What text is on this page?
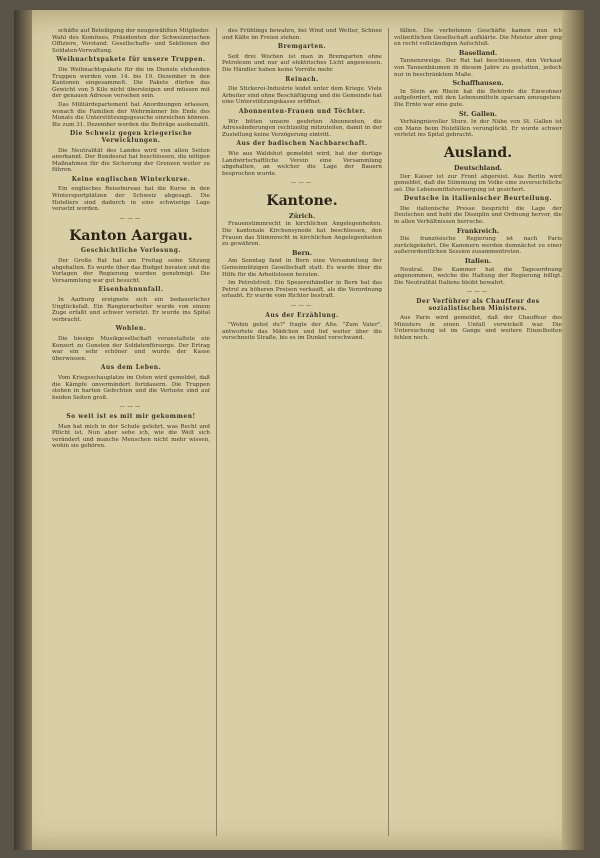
schäfte auf Beteiligung der neugewählten Mitglieder. Wahl des Komitees, Präsidenten der Schweizerischen Offiziere, Vorstand. Gesellschafts- und Sektionen der Soldaten-Verwaltung.

Weihnachtspakete für unsere Truppen.

Die Weihnachtspakete für die im Dienste stehenden Truppen werden vom 14. bis 19. Dezember in den Kantonen eingesammelt. Die Pakete dürfen das Gewicht von 5 Kilo nicht übersteigen und müssen mit der genauen Adresse versehen sein.

Das Militärdepartement hat Anordnungen erlassen, wonach die Familien der Wehrmänner bis Ende des Monats die Unterstützungsgesuche einreichen können. Bis zum 31. Dezember werden die Beiträge ausbezahlt.

Die Schweiz gegen kriegerische Verwicklungen.

Die Neutralität des Landes wird von allen Seiten anerkannt. Der Bundesrat hat beschlossen, die nötigen Maßnahmen für die Sicherung der Grenzen weiter zu führen.

Keine englischen Winterkurse.

Ein englisches Reisebureau hat die Kurse in den Wintersportplätzen der Schweiz abgesagt. Die Hoteliers sind dadurch in eine schwierige Lage versetzt worden.

———
Kanton Aargau.
Geschichtliche Vorlesung.

Der Große Rat hat am Freitag seine Sitzung abgehalten. Es wurde über das Budget beraten und die Vorlagen der Regierung wurden genehmigt. Die Versammlung war gut besucht.

Eisenbahnunfall.

In Aarburg ereignete sich ein bedauerlicher Unglücksfall. Ein Rangierarbeiter wurde von einem Zuge erfaßt und schwer verletzt. Er wurde ins Spital verbracht.

Wohlen.

Die hiesige Musikgesellschaft veranstaltete ein Konzert zu Gunsten der Soldatenfürsorge. Der Ertrag war ein sehr schöner und wurde der Kasse überwiesen.

Aus dem Leben.

Vom Kriegsschauplatze im Osten wird gemeldet, daß die Kämpfe unvermindert fortdauern. Die Truppen stehen in harten Gefechten und die Verluste sind auf beiden Seiten groß.

———
So weit ist es mit mir gekommen!

Man hat mich in der Schule gelehrt, was Recht und Pflicht ist. Nun aber sehe ich, wie die Welt sich verändert und manche Menschen nicht mehr wissen, wohin sie gehören.

des Frühlings bewahre, bei Wind und Wetter, Schnee und Kälte im Freien stehen.

Bremgarten.

Seit drei Wochen ist man in Bremgarten ohne Petroleum und nur auf elektrisches Licht angewiesen. Die Händler haben keine Vorräte mehr.

Reinach.

Die Stickerei-Industrie leidet unter dem Kriege. Viele Arbeiter sind ohne Beschäftigung und die Gemeinde hat eine Unterstützungskasse eröffnet.

Abonnenten-Frauen und Töchter.

Wir bitten unsere geehrten Abonnenten, die Adressänderungen rechtzeitig mitzuteilen, damit in der Zustellung keine Verzögerung eintritt.

Aus der badischen Nachbarschaft.

Wie aus Waldshut gemeldet wird, hat der dortige Landwirtschaftliche Verein eine Versammlung abgehalten, an welcher die Lage der Bauern besprochen wurde.

———
Kantone.
Zürich.

Frauenstimmrecht in kirchlichen Angelegenheiten. Die kantonale Kirchensynode hat beschlossen, den Frauen das Stimmrecht in kirchlichen Angelegenheiten zu gewähren.

Bern.

Am Sonntag fand in Bern eine Versammlung der Gemeinnützigen Gesellschaft statt. Es wurde über die Hilfe für die Arbeitslosen beraten.

Im Petrolstreit. Ein Spezereihändler in Bern hat das Petrol zu höheren Preisen verkauft, als die Verordnung erlaubt. Er wurde vom Richter bestraft.

———
Aus der Erzählung.

"Wohin gehst du?" fragte der Alte. "Zum Vater", antwortete das Mädchen und lief weiter über die verschneite Straße, bis es im Dunkel verschwand.

fällen. Die verbotenen Geschäfte kamen nun ich vollzeitlichen Gesellschaft aufklärte. Die Meister aber ging en recht vollständigen Aufschluß.

Baselland.

Tannenzweige. Der Rat hat beschlossen, den Verkauf von Tannenbäumen in diesem Jahre zu gestatten, jedoch nur in beschränktem Maße.

Schaffhausen.

In Stein am Rhein hat die Behörde die Einwohner aufgefordert, mit den Lebensmitteln sparsam umzugehen. Die Ernte war eine gute.

St. Gallen.

Verhängnisvoller Sturz. In der Nähe von St. Gallen ist ein Mann beim Holzfällen verunglückt. Er wurde schwer verletzt ins Spital gebracht.

Ausland.
Deutschland.

Der Kaiser ist zur Front abgereist. Aus Berlin wird gemeldet, daß die Stimmung im Volke eine zuversichtliche sei. Die Lebensmittelversorgung ist gesichert.

Deutsche in italienischer Beurteilung.

Die italienische Presse bespricht die Lage der Deutschen und hebt die Disziplin und Ordnung hervor, die in allen Verhältnissen herrsche.

Frankreich.

Die französische Regierung ist nach Paris zurückgekehrt. Die Kammern werden demnächst zu einer außerordentlichen Session zusammentreten.

Italien.

Neutral. Die Kammer hat die Tagesordnung angenommen, welche die Haltung der Regierung billigt. Die Neutralität Italiens bleibt bewahrt.

———
Der Verführer als Chauffeur des sozialistischen Ministers.

Aus Paris wird gemeldet, daß der Chauffeur des Ministers in einen Unfall verwickelt war. Die Untersuchung ist im Gange und weitere Einzelheiten fehlen noch.
